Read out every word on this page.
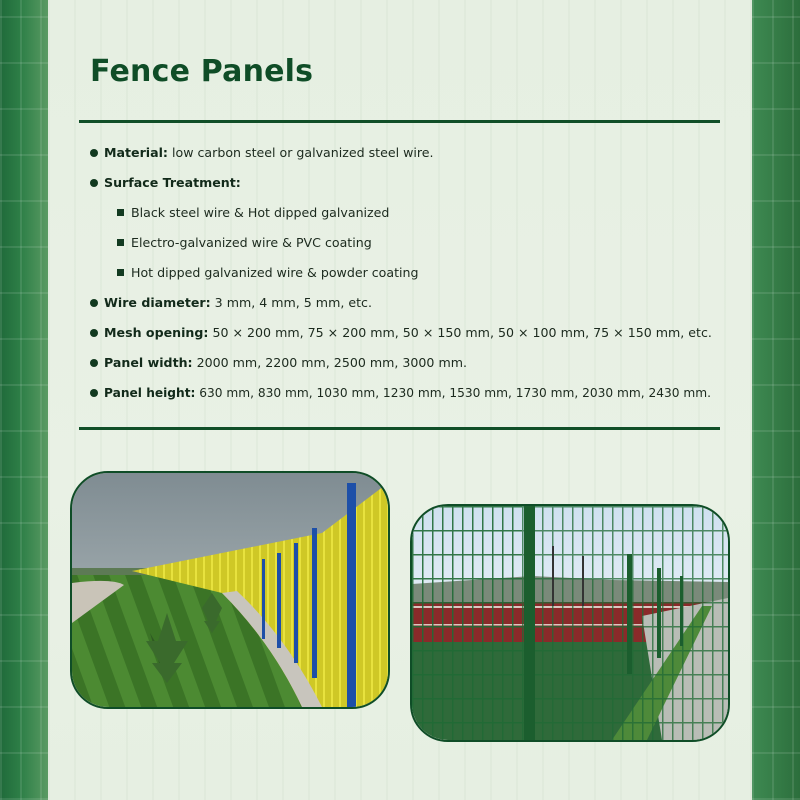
Fence Panels
Material: low carbon steel or galvanized steel wire.
Surface Treatment:
Black steel wire & Hot dipped galvanized
Electro-galvanized wire & PVC coating
Hot dipped galvanized wire & powder coating
Wire diameter: 3 mm, 4 mm, 5 mm, etc.
Mesh opening: 50 × 200 mm, 75 × 200 mm, 50 × 150 mm, 50 × 100 mm, 75 × 150 mm, etc.
Panel width: 2000 mm, 2200 mm, 2500 mm, 3000 mm.
Panel height: 630 mm, 830 mm, 1030 mm, 1230 mm, 1530 mm, 1730 mm, 2030 mm, 2430 mm.
